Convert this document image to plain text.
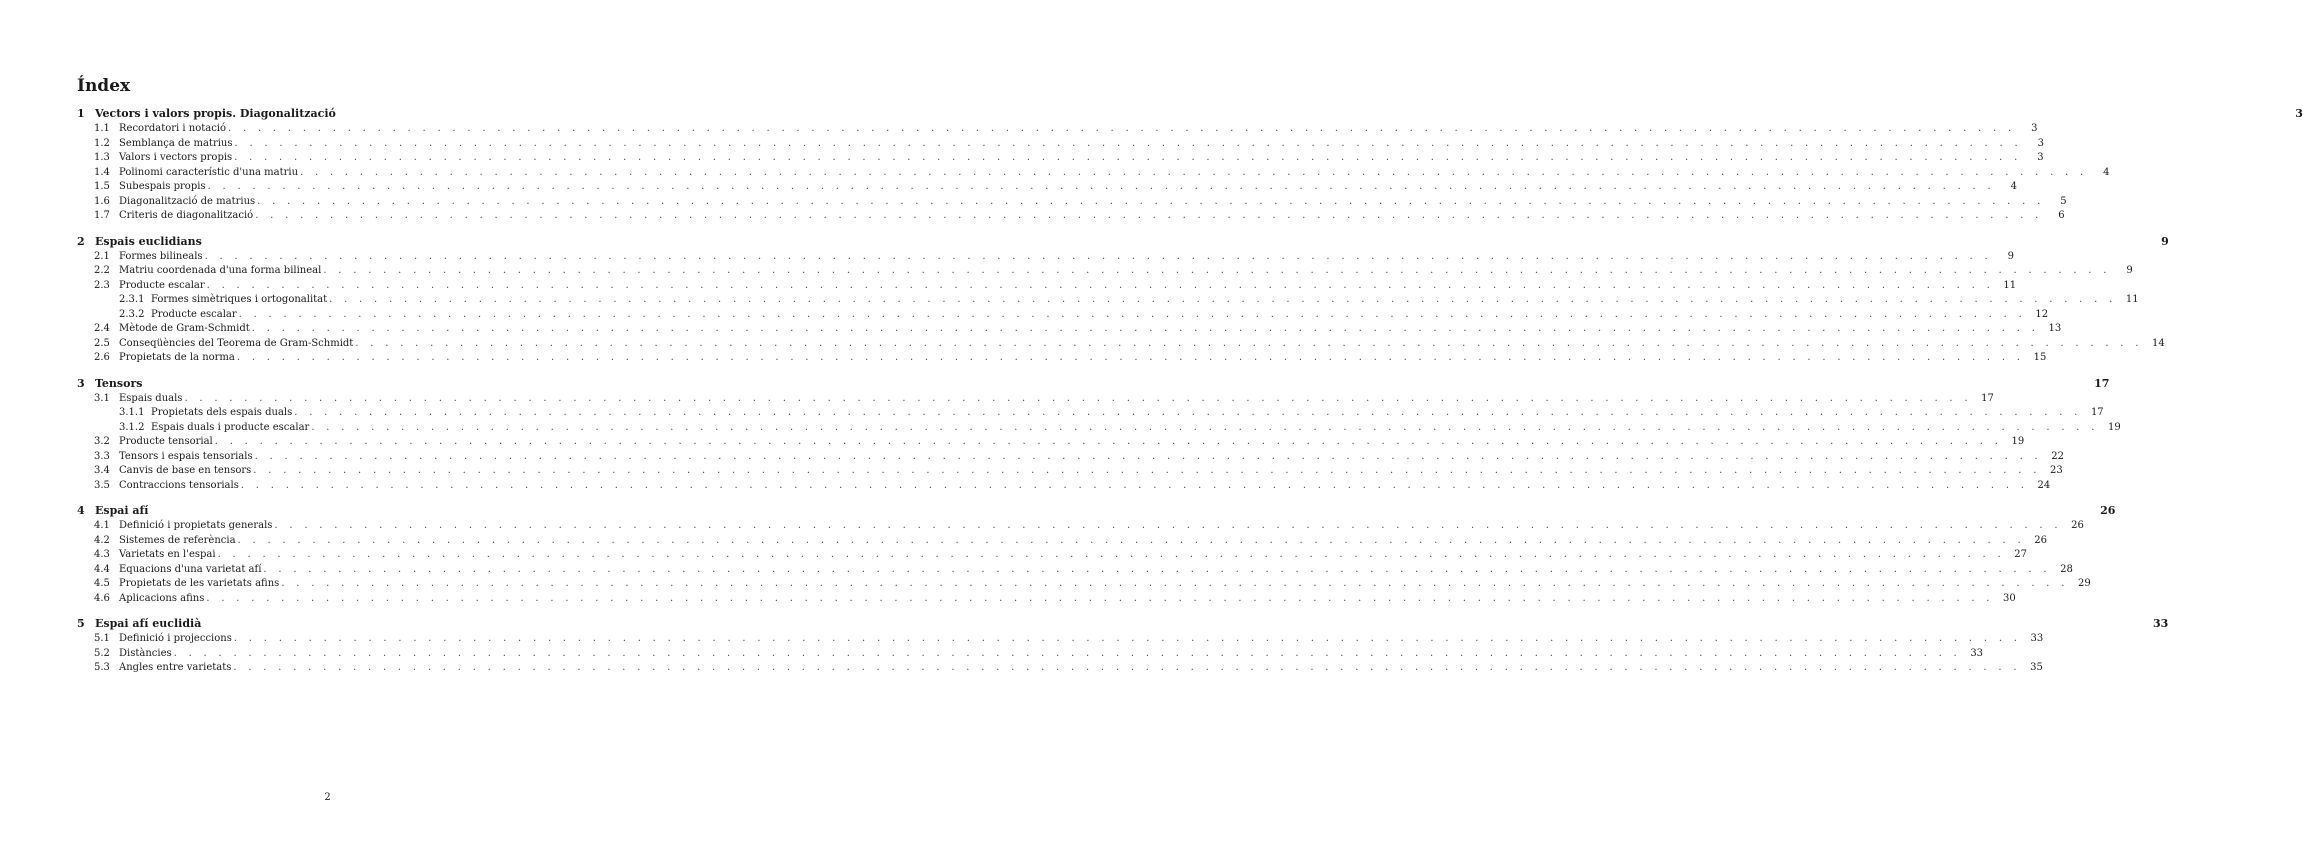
Índex
1 Vectors i valors propis. Diagonalització	3
1.1 Recordatori i notació . . . . . . . . . . . . . . . . . . . . . . . . . . . . . . . . . . . . . . . . . . . . . . . . . . . . . . . . . . . . . . . . . . . . . . . . . . . . . . . . . . . . . . . . . . . . . . . . . . . . . . . . . . . . . . . . . . . . . . . .	3
1.2 Semblança de matrius . . . . . . . . . . . . . . . . . . . . . . . . . . . . . . . . . . . . . . . . . . . . . . . . . . . . . . . . . . . . . . . . . . . . . . . . . . . . . . . . . . . . . . . . . . . . . . . . . . . . . . . . . . . . . . . . . . . . . . . .	3
1.3 Valors i vectors propis . . . . . . . . . . . . . . . . . . . . . . . . . . . . . . . . . . . . . . . . . . . . . . . . . . . . . . . . . . . . . . . . . . . . . . . . . . . . . . . . . . . . . . . . . . . . . . . . . . . . . . . . . . . . . . . . . . . . . . . .	3
1.4 Polinomi característic d'una matriu . . . . . . . . . . . . . . . . . . . . . . . . . . . . . . . . . . . . . . . . . . . . . . . . . . . . . . . . . . . . . . . . . . . . . . . . . . . . . . . . . . . . . . . . . . . . . . . . . . . . . . . . . . . . . . . . . . . . . . . .	4
1.5 Subespais propis . . . . . . . . . . . . . . . . . . . . . . . . . . . . . . . . . . . . . . . . . . . . . . . . . . . . . . . . . . . . . . . . . . . . . . . . . . . . . . . . . . . . . . . . . . . . . . . . . . . . . . . . . . . . . . . . . . . . . . . .	4
1.6 Diagonalització de matrius . . . . . . . . . . . . . . . . . . . . . . . . . . . . . . . . . . . . . . . . . . . . . . . . . . . . . . . . . . . . . . . . . . . . . . . . . . . . . . . . . . . . . . . . . . . . . . . . . . . . . . . . . . . . . . . . . . . . . . . .	5
1.7 Criteris de diagonalització . . . . . . . . . . . . . . . . . . . . . . . . . . . . . . . . . . . . . . . . . . . . . . . . . . . . . . . . . . . . . . . . . . . . . . . . . . . . . . . . . . . . . . . . . . . . . . . . . . . . . . . . . . . . . . . . . . . . . . . .	6
2 Espais euclidians	9
2.1 Formes bilineals . . . . . . . . . . . . . . . . . . . . . . . . . . . . . . . . . . . . . . . . . . . . . . . . . . . . . . . . . . . . . . . . . . . . . . . . . . . . . . . . . . . . . . . . . . . . . . . . . . . . . . . . . . . . . . . . . . . . . . . .	9
2.2 Matriu coordenada d'una forma bilineal . . . . . . . . . . . . . . . . . . . . . . . . . . . . . . . . . . . . . . . . . . . . . . . . . . . . . . . . . . . . . . . . . . . . . . . . . . . . . . . . . . . . . . . . . . . . . . . . . . . . . . . . . . . . . . . . . . . . . . . .	9
2.3 Producte escalar . . . . . . . . . . . . . . . . . . . . . . . . . . . . . . . . . . . . . . . . . . . . . . . . . . . . . . . . . . . . . . . . . . . . . . . . . . . . . . . . . . . . . . . . . . . . . . . . . . . . . . . . . . . . . . . . . . . . . . . . 11
2.3.1 Formes simètriques i ortogonalitat . . . . . . . . . . . . . . . . . . . . . . . . . . . . . . . . . . . . . . . . . . . . . . . . . . . . . . . . . . . . . . . . . . . . . . . . . . . . . . . . . . . . . . . . . . . . . . . . . . . . . . . . . . . . . . . . . . . . . . . . 11
2.3.2 Producte escalar . . . . . . . . . . . . . . . . . . . . . . . . . . . . . . . . . . . . . . . . . . . . . . . . . . . . . . . . . . . . . . . . . . . . . . . . . . . . . . . . . . . . . . . . . . . . . . . . . . . . . . . . . . . . . . . . . . . . . . . . 12
2.4 Mètode de Gram-Schmidt . . . . . . . . . . . . . . . . . . . . . . . . . . . . . . . . . . . . . . . . . . . . . . . . . . . . . . . . . . . . . . . . . . . . . . . . . . . . . . . . . . . . . . . . . . . . . . . . . . . . . . . . . . . . . . . . . . . . . . . . 13
2.5 Conseqüències del Teorema de Gram-Schmidt . . . . . . . . . . . . . . . . . . . . . . . . . . . . . . . . . . . . . . . . . . . . . . . . . . . . . . . . . . . . . . . . . . . . . . . . . . . . . . . . . . . . . . . . . . . . . . . . . . . . . . . . . . . . . . . . . . . . . . . . 14
2.6 Propietats de la norma . . . . . . . . . . . . . . . . . . . . . . . . . . . . . . . . . . . . . . . . . . . . . . . . . . . . . . . . . . . . . . . . . . . . . . . . . . . . . . . . . . . . . . . . . . . . . . . . . . . . . . . . . . . . . . . . . . . . . . . . 15
3 Tensors	17
3.1 Espais duals . . . . . . . . . . . . . . . . . . . . . . . . . . . . . . . . . . . . . . . . . . . . . . . . . . . . . . . . . . . . . . . . . . . . . . . . . . . . . . . . . . . . . . . . . . . . . . . . . . . . . . . . . . . . . . . . . . . . . . . . 17
3.1.1 Propietats dels espais duals . . . . . . . . . . . . . . . . . . . . . . . . . . . . . . . . . . . . . . . . . . . . . . . . . . . . . . . . . . . . . . . . . . . . . . . . . . . . . . . . . . . . . . . . . . . . . . . . . . . . . . . . . . . . . . . . . . . . . . . . 17
3.1.2 Espais duals i producte escalar . . . . . . . . . . . . . . . . . . . . . . . . . . . . . . . . . . . . . . . . . . . . . . . . . . . . . . . . . . . . . . . . . . . . . . . . . . . . . . . . . . . . . . . . . . . . . . . . . . . . . . . . . . . . . . . . . . . . . . . . 19
3.2 Producte tensorial . . . . . . . . . . . . . . . . . . . . . . . . . . . . . . . . . . . . . . . . . . . . . . . . . . . . . . . . . . . . . . . . . . . . . . . . . . . . . . . . . . . . . . . . . . . . . . . . . . . . . . . . . . . . . . . . . . . . . . . . 19
3.3 Tensors i espais tensorials . . . . . . . . . . . . . . . . . . . . . . . . . . . . . . . . . . . . . . . . . . . . . . . . . . . . . . . . . . . . . . . . . . . . . . . . . . . . . . . . . . . . . . . . . . . . . . . . . . . . . . . . . . . . . . . . . . . . . . . . 22
3.4 Canvis de base en tensors . . . . . . . . . . . . . . . . . . . . . . . . . . . . . . . . . . . . . . . . . . . . . . . . . . . . . . . . . . . . . . . . . . . . . . . . . . . . . . . . . . . . . . . . . . . . . . . . . . . . . . . . . . . . . . . . . . . . . . . . 23
3.5 Contraccions tensorials . . . . . . . . . . . . . . . . . . . . . . . . . . . . . . . . . . . . . . . . . . . . . . . . . . . . . . . . . . . . . . . . . . . . . . . . . . . . . . . . . . . . . . . . . . . . . . . . . . . . . . . . . . . . . . . . . . . . . . . . 24
4 Espai afí	26
4.1 Definició i propietats generals . . . . . . . . . . . . . . . . . . . . . . . . . . . . . . . . . . . . . . . . . . . . . . . . . . . . . . . . . . . . . . . . . . . . . . . . . . . . . . . . . . . . . . . . . . . . . . . . . . . . . . . . . . . . . . . . . . . . . . . . 26
4.2 Sistemes de referència . . . . . . . . . . . . . . . . . . . . . . . . . . . . . . . . . . . . . . . . . . . . . . . . . . . . . . . . . . . . . . . . . . . . . . . . . . . . . . . . . . . . . . . . . . . . . . . . . . . . . . . . . . . . . . . . . . . . . . . . 26
4.3 Varietats en l'espai . . . . . . . . . . . . . . . . . . . . . . . . . . . . . . . . . . . . . . . . . . . . . . . . . . . . . . . . . . . . . . . . . . . . . . . . . . . . . . . . . . . . . . . . . . . . . . . . . . . . . . . . . . . . . . . . . . . . . . . . 27
4.4 Equacions d'una varietat afí . . . . . . . . . . . . . . . . . . . . . . . . . . . . . . . . . . . . . . . . . . . . . . . . . . . . . . . . . . . . . . . . . . . . . . . . . . . . . . . . . . . . . . . . . . . . . . . . . . . . . . . . . . . . . . . . . . . . . . . . 28
4.5 Propietats de les varietats afins . . . . . . . . . . . . . . . . . . . . . . . . . . . . . . . . . . . . . . . . . . . . . . . . . . . . . . . . . . . . . . . . . . . . . . . . . . . . . . . . . . . . . . . . . . . . . . . . . . . . . . . . . . . . . . . . . . . . . . . . 29
4.6 Aplicacions afins . . . . . . . . . . . . . . . . . . . . . . . . . . . . . . . . . . . . . . . . . . . . . . . . . . . . . . . . . . . . . . . . . . . . . . . . . . . . . . . . . . . . . . . . . . . . . . . . . . . . . . . . . . . . . . . . . . . . . . . . 30
5 Espai afí euclidià	33
5.1 Definició i projeccions . . . . . . . . . . . . . . . . . . . . . . . . . . . . . . . . . . . . . . . . . . . . . . . . . . . . . . . . . . . . . . . . . . . . . . . . . . . . . . . . . . . . . . . . . . . . . . . . . . . . . . . . . . . . . . . . . . . . . . . . 33
5.2 Distàncies . . . . . . . . . . . . . . . . . . . . . . . . . . . . . . . . . . . . . . . . . . . . . . . . . . . . . . . . . . . . . . . . . . . . . . . . . . . . . . . . . . . . . . . . . . . . . . . . . . . . . . . . . . . . . . . . . . . . . . . . 33
5.3 Angles entre varietats . . . . . . . . . . . . . . . . . . . . . . . . . . . . . . . . . . . . . . . . . . . . . . . . . . . . . . . . . . . . . . . . . . . . . . . . . . . . . . . . . . . . . . . . . . . . . . . . . . . . . . . . . . . . . . . . . . . . . . . . 35
2
